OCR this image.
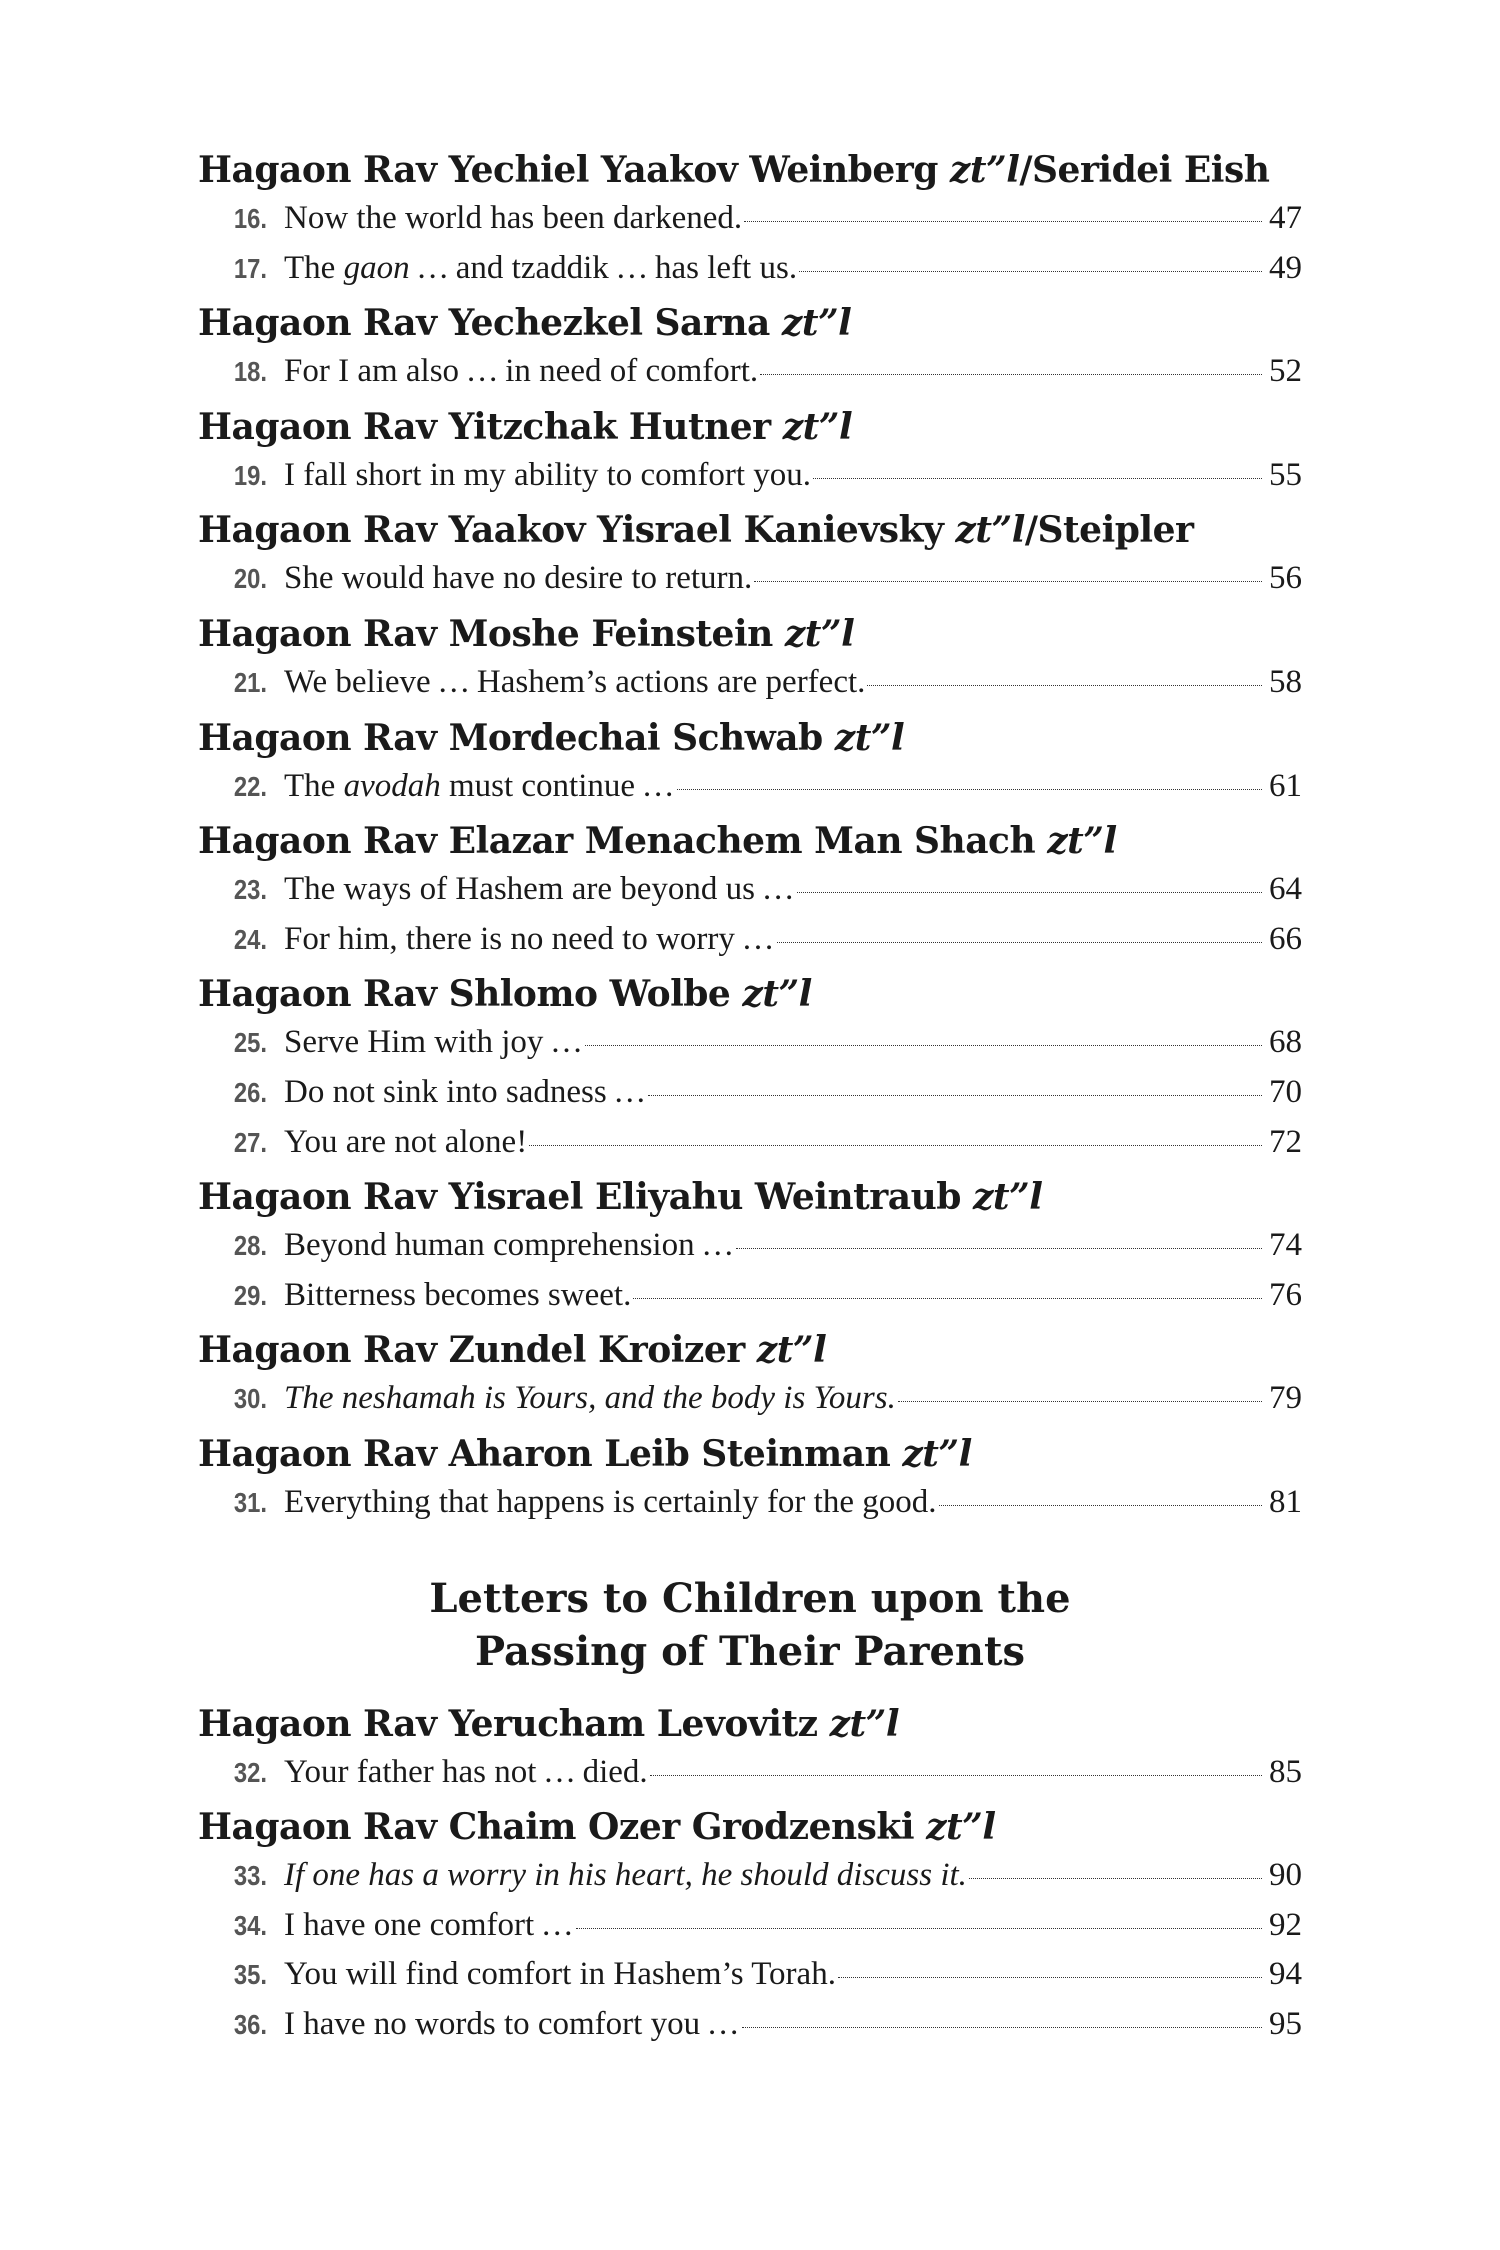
Hagaon Rav Yechiel Yaakov Weinberg zt”l/Seridei Eish
16. Now the world has been darkened.	47
17. The gaon … and tzaddik … has left us.	49
Hagaon Rav Yechezkel Sarna zt”l
18. For I am also … in need of comfort.	52
Hagaon Rav Yitzchak Hutner zt”l
19. I fall short in my ability to comfort you.	55
Hagaon Rav Yaakov Yisrael Kanievsky zt”l/Steipler
20. She would have no desire to return.	56
Hagaon Rav Moshe Feinstein zt”l
21. We believe … Hashem’s actions are perfect.	58
Hagaon Rav Mordechai Schwab zt”l
22. The avodah must continue …	61
Hagaon Rav Elazar Menachem Man Shach zt”l
23. The ways of Hashem are beyond us …	64
24. For him, there is no need to worry …	66
Hagaon Rav Shlomo Wolbe zt”l
25. Serve Him with joy …	68
26. Do not sink into sadness …	70
27. You are not alone!	72
Hagaon Rav Yisrael Eliyahu Weintraub zt”l
28. Beyond human comprehension …	74
29. Bitterness becomes sweet.	76
Hagaon Rav Zundel Kroizer zt”l
30. The neshamah is Yours, and the body is Yours.	79
Hagaon Rav Aharon Leib Steinman zt”l
31. Everything that happens is certainly for the good.	81
Letters to Children upon the
Passing of Their Parents
Hagaon Rav Yerucham Levovitz zt”l
32. Your father has not … died.	85
Hagaon Rav Chaim Ozer Grodzenski zt”l
33. If one has a worry in his heart, he should discuss it.	90
34. I have one comfort …	92
35. You will find comfort in Hashem’s Torah.	94
36. I have no words to comfort you …	95
